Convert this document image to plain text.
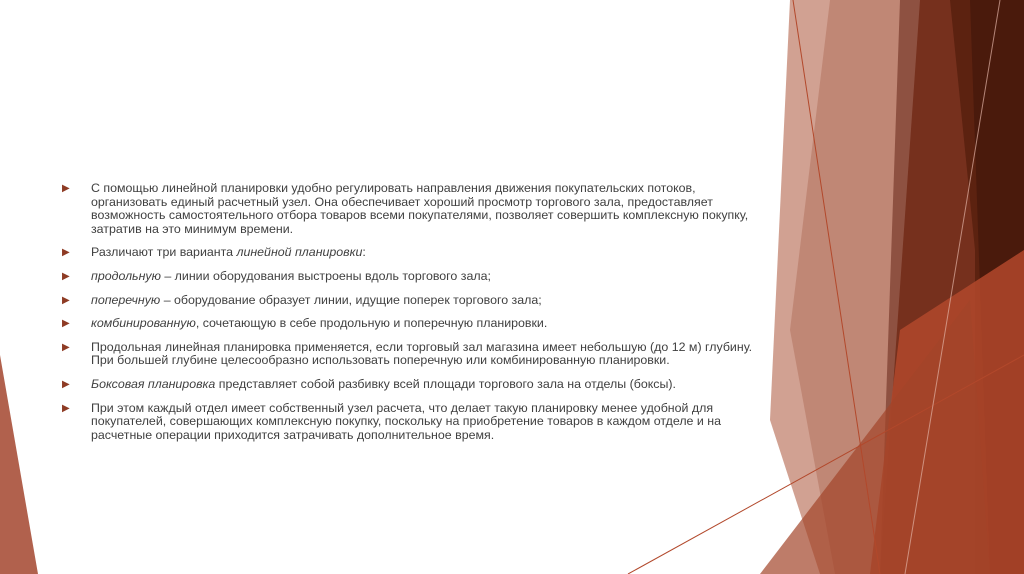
▶	С помощью линейной планировки удобно регулировать направления движения покупательских потоков, организовать единый расчетный узел. Она обеспечивает хороший просмотр торгового зала, предоставляет возможность самостоятельного отбора товаров всеми покупателями, позволяет совершить комплексную покупку, затратив на это минимум времени.
▶	Различают три варианта линейной планировки:
▶	продольную – линии оборудования выстроены вдоль торгового зала;
▶	поперечную – оборудование образует линии, идущие поперек торгового зала;
▶	комбинированную, сочетающую в себе продольную и поперечную планировки.
▶	Продольная линейная планировка применяется, если торговый зал магазина имеет небольшую (до 12 м) глубину. При большей глубине целесообразно использовать поперечную или комбинированную планировки.
▶	Боксовая планировка представляет собой разбивку всей площади торгового зала на отделы (боксы).
▶	При этом каждый отдел имеет собственный узел расчета, что делает такую планировку менее удобной для покупателей, совершающих комплексную покупку, поскольку на приобретение товаров в каждом отделе и на расчетные операции приходится затрачивать дополнительное время.
